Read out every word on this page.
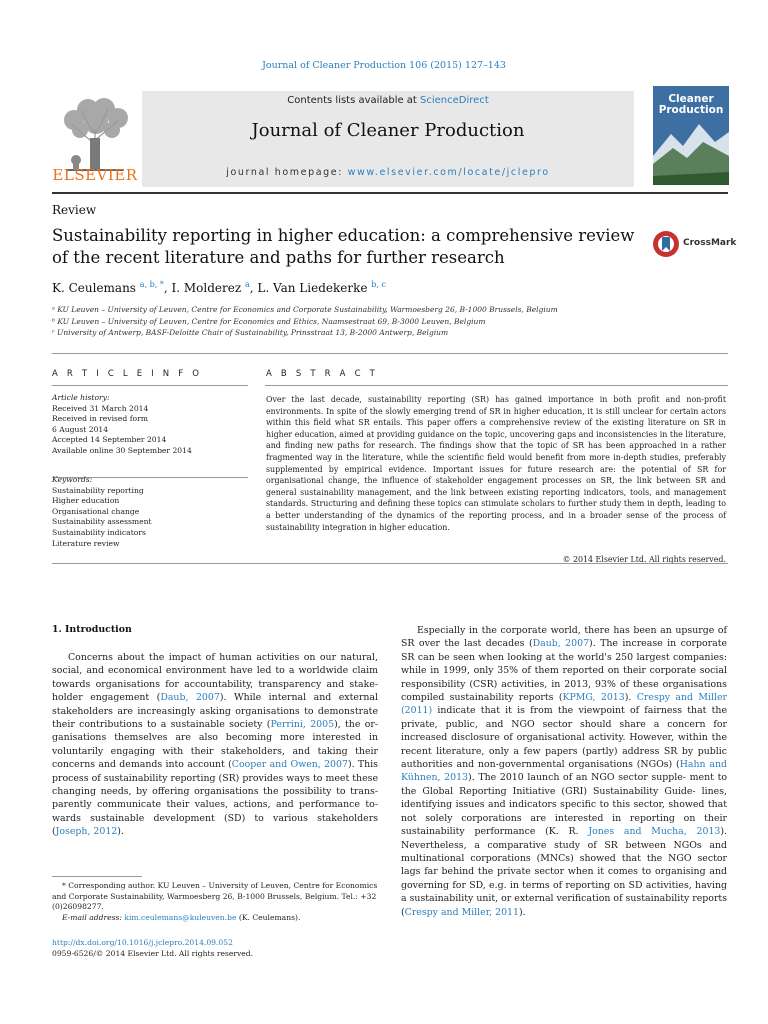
Journal of Cleaner Production 106 (2015) 127–143
ELSEVIER
Contents lists available at ScienceDirect
Journal of Cleaner Production
journal homepage: www.elsevier.com/locate/jclepro
Cleaner
Production
Review
Sustainability reporting in higher education: a comprehensive review
of the recent literature and paths for further research
CrossMark
K. Ceulemans $^{a, b, *}$, I. Molderez $^a$, L. Van Liedekerke $^{b, c}$
ᵃ KU Leuven – University of Leuven, Centre for Economics and Corporate Sustainability, Warmoesberg 26, B-1000 Brussels, Belgium
ᵇ KU Leuven – University of Leuven, Centre for Economics and Ethics, Naamsestraat 69, B-3000 Leuven, Belgium
ᶜ University of Antwerp, BASF-Deloitte Chair of Sustainability, Prinsstraat 13, B-2000 Antwerp, Belgium
A R T I C L E I N F O	A B S T R A C T
Article history:
Received 31 March 2014
Received in revised form
6 August 2014
Accepted 14 September 2014
Available online 30 September 2014
Keywords:
Sustainability reporting
Higher education
Organisational change
Sustainability assessment
Sustainability indicators
Literature review
Over the last decade, sustainability reporting (SR) has gained importance in both profit and non-profit environments. In spite of the slowly emerging trend of SR in higher education, it is still unclear for certain actors within this field what SR entails. This paper offers a comprehensive review of the existing literature on SR in higher education, aimed at providing guidance on the topic, uncovering gaps and inconsistencies in the literature, and finding new paths for research. The findings show that the topic of SR has been approached in a rather fragmented way in the literature, while the scientific field would benefit from more in-depth studies, preferably supplemented by empirical evidence. Important issues for future research are: the potential of SR for organisational change, the influence of stakeholder engagement processes on SR, the link between SR and general sustainability management, and the link between existing reporting indicators, tools, and management standards. Structuring and defining these topics can stimulate scholars to further study them in depth, leading to a better understanding of the dynamics of the reporting process, and in a broader sense of the process of sustainability integration in higher education.
© 2014 Elsevier Ltd. All rights reserved.
1. Introduction

Concerns about the impact of human activities on our natural, social, and economical environment have led to a worldwide claim towards organisations for accountability, transparency and stake- holder engagement (Daub, 2007). While internal and external stakeholders are increasingly asking organisations to demonstrate their contributions to a sustainable society (Perrini, 2005), the or- ganisations themselves are also becoming more interested in voluntarily engaging with their stakeholders, and taking their concerns and demands into account (Cooper and Owen, 2007). This process of sustainability reporting (SR) provides ways to meet these changing needs, by offering organisations the possibility to trans- parently communicate their values, actions, and performance to- wards sustainable development (SD) to various stakeholders (Joseph, 2012).

Especially in the corporate world, there has been an upsurge of SR over the last decades (Daub, 2007). The increase in corporate SR can be seen when looking at the world's 250 largest companies: while in 1999, only 35% of them reported on their corporate social responsibility (CSR) activities, in 2013, 93% of these organisations compiled sustainability reports (KPMG, 2013). Crespy and Miller (2011) indicate that it is from the viewpoint of fairness that the private, public, and NGO sector should share a concern for increased disclosure of organisational activity. However, within the recent literature, only a few papers (partly) address SR by public authorities and non-governmental organisations (NGOs) (Hahn and Kühnen, 2013). The 2010 launch of an NGO sector supple- ment to the Global Reporting Initiative (GRI) Sustainability Guide- lines, identifying issues and indicators specific to this sector, showed that not solely corporations are interested in reporting on their sustainability performance (K. R. Jones and Mucha, 2013). Nevertheless, a comparative study of SR between NGOs and multinational corporations (MNCs) showed that the NGO sector lags far behind the private sector when it comes to organising and governing for SD, e.g. in terms of reporting on SD activities, having a sustainability unit, or external verification of sustainability reports (Crespy and Miller, 2011).

* Corresponding author. KU Leuven – University of Leuven, Centre for Economics and Corporate Sustainability, Warmoesberg 26, B-1000 Brussels, Belgium. Tel.: +32 (0)26098277.
E-mail address: kim.ceulemans@kuleuven.be (K. Ceulemans).
http://dx.doi.org/10.1016/j.jclepro.2014.09.052
0959-6526/© 2014 Elsevier Ltd. All rights reserved.
